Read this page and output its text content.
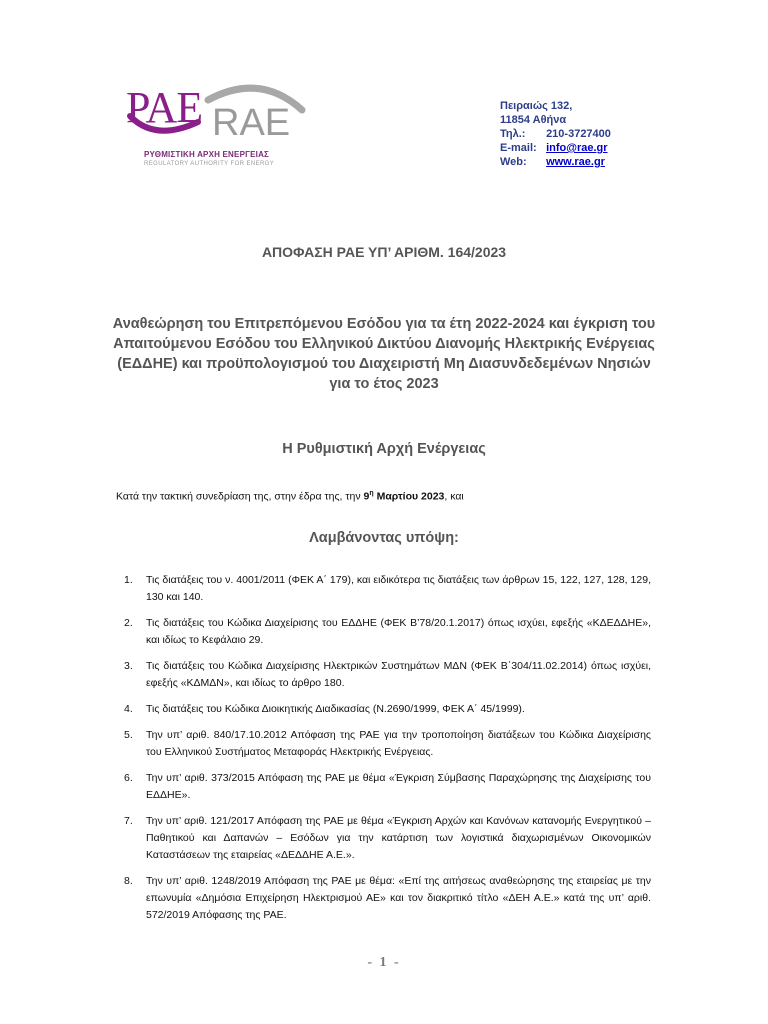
ΡΑΕ RAE
ΡΥΘΜΙΣΤΙΚΗ ΑΡΧΗ ΕΝΕΡΓΕΙΑΣ
REGULATORY AUTHORITY FOR ENERGY
Πειραιώς 132,
11854 Αθήνα
Τηλ.: 210-3727400
E-mail: info@rae.gr
Web: www.rae.gr
ΑΠΟΦΑΣΗ ΡΑΕ ΥΠ’ ΑΡΙΘΜ. 164/2023
Αναθεώρηση του Επιτρεπόμενου Εσόδου για τα έτη 2022-2024 και έγκριση του Απαιτούμενου Εσόδου του Ελληνικού Δικτύου Διανομής Ηλεκτρικής Ενέργειας (ΕΔΔΗΕ) και προϋπολογισμού του Διαχειριστή Μη Διασυνδεδεμένων Νησιών για το έτος 2023
Η Ρυθμιστική Αρχή Ενέργειας
Κατά την τακτική συνεδρίαση της, στην έδρα της, την $9^\eta$ Μαρτίου 2023, και
Λαμβάνοντας υπόψη:
1. Τις διατάξεις του ν. 4001/2011 (ΦΕΚ Α΄ 179), και ειδικότερα τις διατάξεις των άρθρων 15, 122, 127, 128, 129, 130 και 140.
2. Τις διατάξεις του Κώδικα Διαχείρισης του ΕΔΔΗΕ (ΦΕΚ Β’78/20.1.2017) όπως ισχύει, εφεξής «ΚΔΕΔΔΗΕ», και ιδίως το Κεφάλαιο 29.
3. Τις διατάξεις του Κώδικα Διαχείρισης Ηλεκτρικών Συστημάτων ΜΔΝ (ΦΕΚ Β΄304/11.02.2014) όπως ισχύει, εφεξής «ΚΔΜΔΝ», και ιδίως το άρθρο 180.
4. Τις διατάξεις του Κώδικα Διοικητικής Διαδικασίας (Ν.2690/1999, ΦΕΚ Α΄ 45/1999).
5. Την υπ’ αριθ. 840/17.10.2012 Απόφαση της ΡΑΕ για την τροποποίηση διατάξεων του Κώδικα Διαχείρισης του Ελληνικού Συστήματος Μεταφοράς Ηλεκτρικής Ενέργειας.
6. Την υπ’ αριθ. 373/2015 Απόφαση της ΡΑΕ με θέμα «Έγκριση Σύμβασης Παραχώρησης της Διαχείρισης του ΕΔΔΗΕ».
7. Την υπ’ αριθ. 121/2017 Απόφαση της ΡΑΕ με θέμα «Έγκριση Αρχών και Κανόνων κατανομής Ενεργητικού – Παθητικού και Δαπανών – Εσόδων για την κατάρτιση των λογιστικά διαχωρισμένων Οικονομικών Καταστάσεων της εταιρείας «ΔΕΔΔΗΕ Α.Ε.».
8. Την υπ’ αριθ. 1248/2019 Απόφαση της ΡΑΕ με θέμα: «Επί της αιτήσεως αναθεώρησης της εταιρείας με την επωνυμία «Δημόσια Επιχείρηση Ηλεκτρισμού ΑΕ» και τον διακριτικό τίτλο «ΔΕΗ Α.Ε.» κατά της υπ’ αριθ. 572/2019 Απόφασης της ΡΑΕ.
- 1 -
